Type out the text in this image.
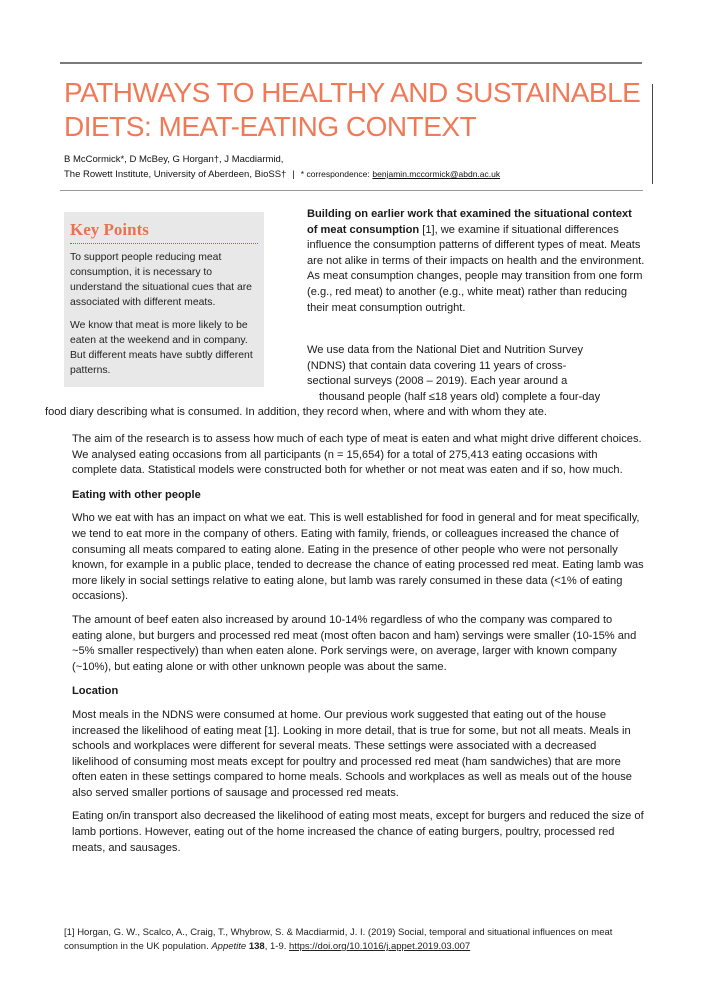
PATHWAYS TO HEALTHY AND SUSTAINABLE
DIETS: MEAT-EATING CONTEXT
B McCormick*, D McBey, G Horgan†, J Macdiarmid,
The Rowett Institute, University of Aberdeen, BioSS† | * correspondence: benjamin.mccormick@abdn.ac.uk
Key Points

To support people reducing meat consumption, it is necessary to understand the situational cues that are associated with different meats.

We know that meat is more likely to be eaten at the weekend and in company. But different meats have subtly different patterns.

Building on earlier work that examined the situational context of meat consumption [1], we examine if situational differences influence the consumption patterns of different types of meat. Meats are not alike in terms of their impacts on health and the environment. As meat consumption changes, people may transition from one form (e.g., red meat) to another (e.g., white meat) rather than reducing their meat consumption outright.

We use data from the National Diet and Nutrition Survey
(NDNS) that contain data covering 11 years of cross-
sectional surveys (2008 – 2019). Each year around a
thousand people (half ≤18 years old) complete a four-day
food diary describing what is consumed. In addition, they record when, where and with whom they ate.

The aim of the research is to assess how much of each type of meat is eaten and what might drive different choices. We analysed eating occasions from all participants (n = 15,654) for a total of 275,413 eating occasions with complete data. Statistical models were constructed both for whether or not meat was eaten and if so, how much.

Eating with other people

Who we eat with has an impact on what we eat. This is well established for food in general and for meat specifically, we tend to eat more in the company of others. Eating with family, friends, or colleagues increased the chance of consuming all meats compared to eating alone. Eating in the presence of other people who were not personally known, for example in a public place, tended to decrease the chance of eating processed red meat. Eating lamb was more likely in social settings relative to eating alone, but lamb was rarely consumed in these data (<1% of eating occasions).

The amount of beef eaten also increased by around 10-14% regardless of who the company was compared to eating alone, but burgers and processed red meat (most often bacon and ham) servings were smaller (10-15% and ~5% smaller respectively) than when eaten alone. Pork servings were, on average, larger with known company (~10%), but eating alone or with other unknown people was about the same.

Location

Most meals in the NDNS were consumed at home. Our previous work suggested that eating out of the house increased the likelihood of eating meat [1]. Looking in more detail, that is true for some, but not all meats. Meals in schools and workplaces were different for several meats. These settings were associated with a decreased likelihood of consuming most meats except for poultry and processed red meat (ham sandwiches) that are more often eaten in these settings compared to home meals. Schools and workplaces as well as meals out of the house also served smaller portions of sausage and processed red meats.

Eating on/in transport also decreased the likelihood of eating most meats, except for burgers and reduced the size of lamb portions. However, eating out of the home increased the chance of eating burgers, poultry, processed red meats, and sausages.

[1] Horgan, G. W., Scalco, A., Craig, T., Whybrow, S. & Macdiarmid, J. I. (2019) Social, temporal and situational influences on meat consumption in the UK population. Appetite 138, 1-9. https://doi.org/10.1016/j.appet.2019.03.007
